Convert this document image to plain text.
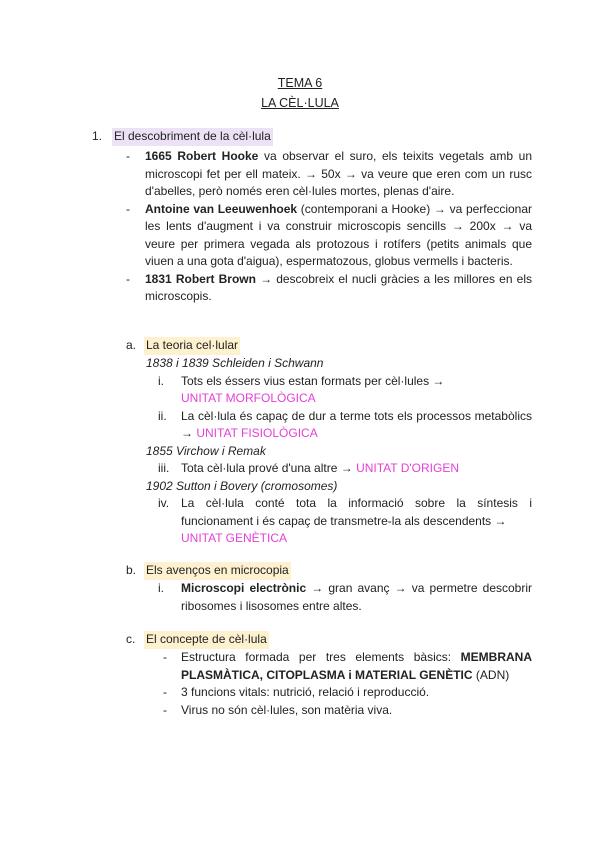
TEMA 6
LA CÈL·LULA
1. El descobriment de la cèl·lula

- 1665 Robert Hooke va observar el suro, els teixits vegetals amb un microscopi fet per ell mateix. → 50x → va veure que eren com un rusc d'abelles, però només eren cèl·lules mortes, plenas d'aire.

- Antoine van Leeuwenhoek (contemporani a Hooke) → va perfeccionar les lents d'augment i va construir microscopis sencills → 200x → va veure per primera vegada als protozous i rotífers (petits animals que viuen a una gota d'aigua), espermatozous, globus vermells i bacteris.

- 1831 Robert Brown → descobreix el nucli gràcies a les millores en els microscopis.

a. La teoria cel·lular
1838 i 1839 Schleiden i Schwann
i.	Tots els éssers vius estan formats per cèl·lules →
UNITAT MORFOLÒGICA
ii.	La cèl·lula és capaç de dur a terme tots els processos metabòlics → UNITAT FISIOLÒGICA
1855 Virchow i Remak
iii. Tota cèl·lula prové d'una altre → UNITAT D'ORIGEN
1902 Sutton i Bovery (cromosomes)
iv. La cèl·lula conté tota la informació sobre la síntesis i funcionament i és capaç de transmetre-la als descendents →
UNITAT GENÈTICA
b. Els avenços en microcopia
i.	Microscopi electrònic → gran avanç → va permetre descobrir ribosomes i lisosomes entre altes.
c. El concepte de cèl·lula
- Estructura formada per tres elements bàsics: MEMBRANA PLASMÀTICA, CITOPLASMA i MATERIAL GENÈTIC (ADN)
- 3 funcions vitals: nutrició, relació i reproducció.
- Virus no són cèl·lules, son matèria viva.
